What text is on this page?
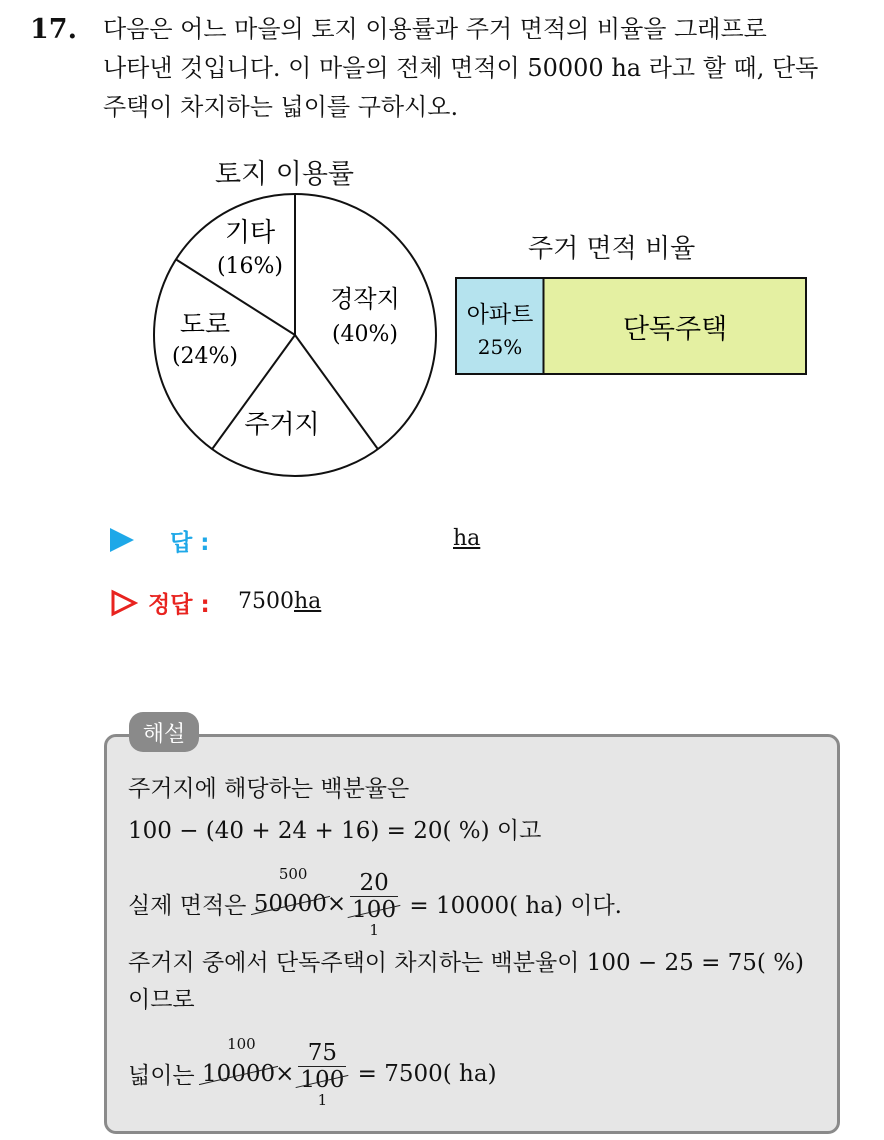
17. 다음은 어느 마을의 토지 이용률과 주거 면적의 비율을 그래프로
나타낸 것입니다. 이 마을의 전체 면적이 50000 ha 라고 할 때, 단독
주택이 차지하는 넓이를 구하시오.
토지 이용률
경작지
(40%)
주거지
도로
(24%)
기타
(16%)
주거 면적 비율
아파트
25%
단독주택
답 :	ha
정답 : 7500ha
해설
주거지에 해당하는 백분율은
100 − (40 + 24 + 16) = 20( %) 이고
실제 면적은
500
50000
×
20
100
1
= 10000( ha) 이다.
주거지 중에서 단독주택이 차지하는 백분율이 100 − 25 = 75( %)
이므로
넓이는
100
10000
×
75
100
1
= 7500( ha)
